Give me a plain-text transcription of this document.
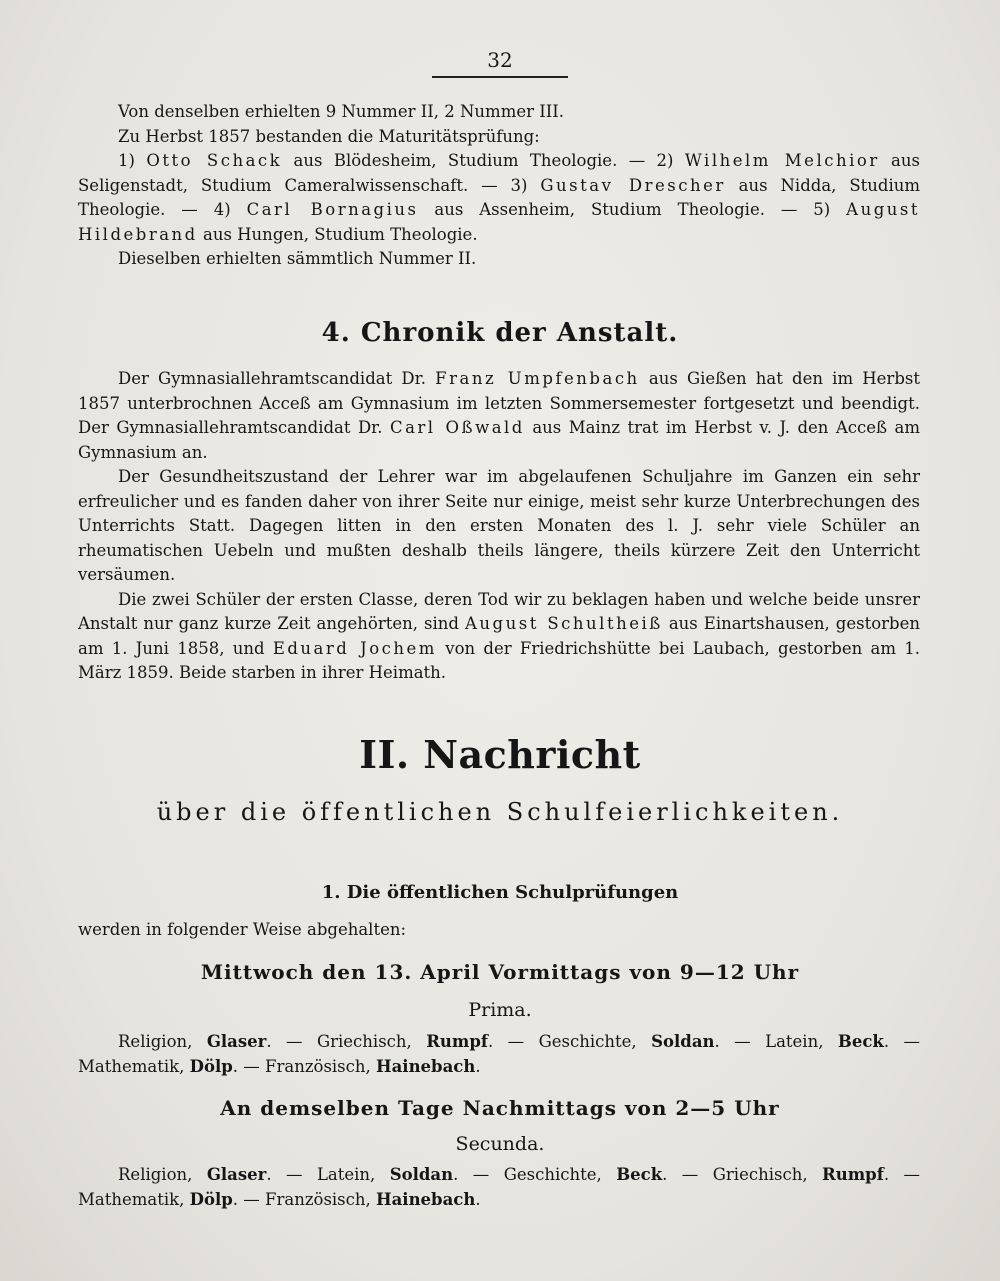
32

Von denselben erhielten 9 Nummer II, 2 Nummer III.

Zu Herbst 1857 bestanden die Maturitätsprüfung:

1) Otto Schack aus Blödesheim, Studium Theologie. — 2) Wilhelm Melchior aus Seligenstadt, Studium Cameralwissenschaft. — 3) Gustav Drescher aus Nidda, Studium Theologie. — 4) Carl Bornagius aus Assenheim, Studium Theologie. — 5) August Hildebrand aus Hungen, Studium Theologie.

Dieselben erhielten sämmtlich Nummer II.

4. Chronik der Anstalt.

Der Gymnasiallehramtscandidat Dr. Franz Umpfenbach aus Gießen hat den im Herbst 1857 unterbrochnen Acceß am Gymnasium im letzten Sommersemester fortgesetzt und beendigt. Der Gymnasiallehramtscandidat Dr. Carl Oßwald aus Mainz trat im Herbst v. J. den Acceß am Gymnasium an.

Der Gesundheitszustand der Lehrer war im abgelaufenen Schuljahre im Ganzen ein sehr erfreulicher und es fanden daher von ihrer Seite nur einige, meist sehr kurze Unterbrechungen des Unterrichts Statt. Dagegen litten in den ersten Monaten des l. J. sehr viele Schüler an rheumatischen Uebeln und mußten deshalb theils längere, theils kürzere Zeit den Unterricht versäumen.

Die zwei Schüler der ersten Classe, deren Tod wir zu beklagen haben und welche beide unsrer Anstalt nur ganz kurze Zeit angehörten, sind August Schultheiß aus Einartshausen, gestorben am 1. Juni 1858, und Eduard Jochem von der Friedrichshütte bei Laubach, gestorben am 1. März 1859. Beide starben in ihrer Heimath.

II. Nachricht
über die öffentlichen Schulfeierlichkeiten.
1. Die öffentlichen Schulprüfungen
werden in folgender Weise abgehalten:
Mittwoch den 13. April Vormittags von 9—12 Uhr
Prima.

Religion, Glaser. — Griechisch, Rumpf. — Geschichte, Soldan. — Latein, Beck. — Mathematik, Dölp. — Französisch, Hainebach.

An demselben Tage Nachmittags von 2—5 Uhr
Secunda.

Religion, Glaser. — Latein, Soldan. — Geschichte, Beck. — Griechisch, Rumpf. — Mathematik, Dölp. — Französisch, Hainebach.
